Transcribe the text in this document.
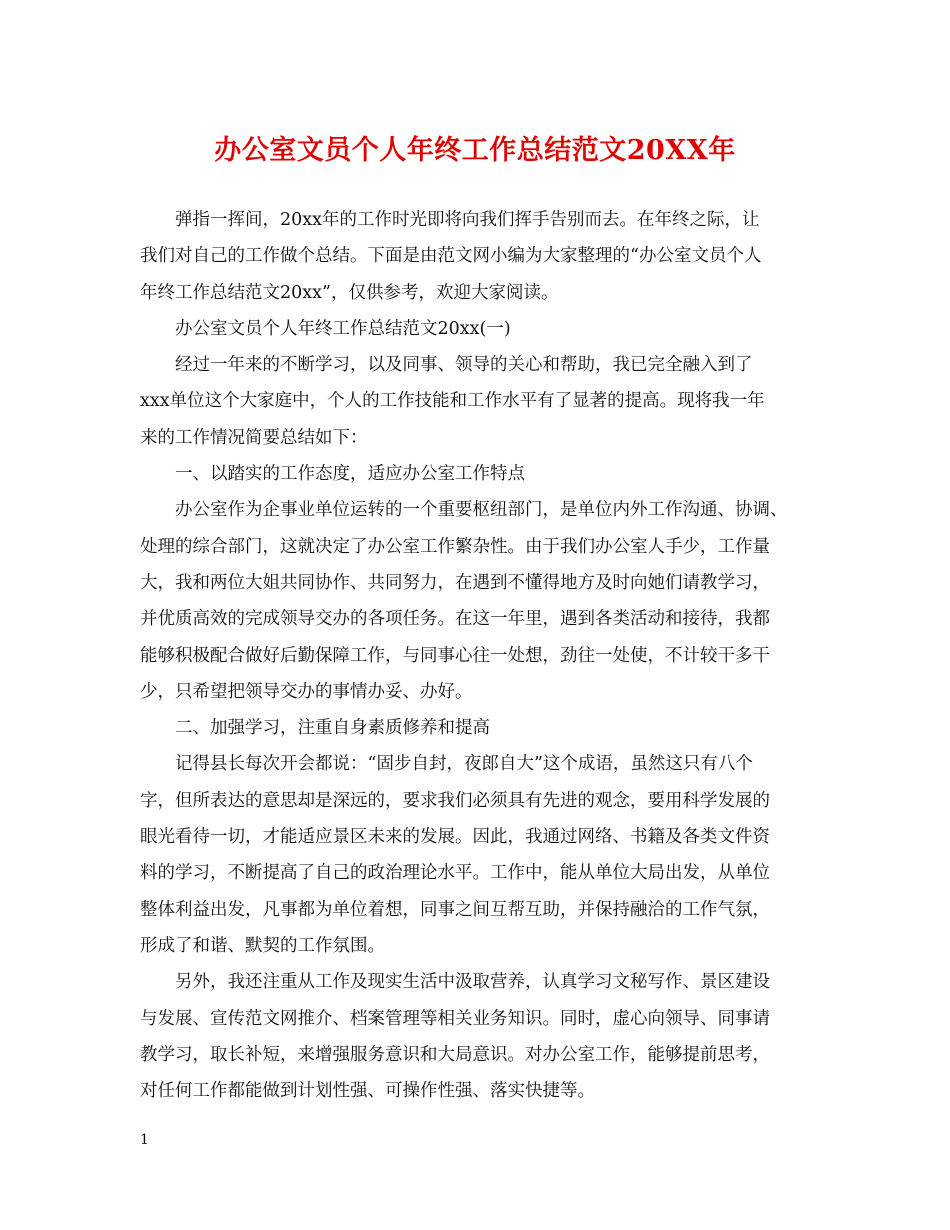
办公室文员个人年终工作总结范文20XX年
弹指一挥间，20xx年的工作时光即将向我们挥手告别而去。在年终之际，让
我们对自己的工作做个总结。下面是由范文网小编为大家整理的“办公室文员个人
年终工作总结范文20xx”，仅供参考，欢迎大家阅读。
办公室文员个人年终工作总结范文20xx(一)
经过一年来的不断学习，以及同事、领导的关心和帮助，我已完全融入到了
xxx单位这个大家庭中，个人的工作技能和工作水平有了显著的提高。现将我一年
来的工作情况简要总结如下：
一、以踏实的工作态度，适应办公室工作特点
办公室作为企事业单位运转的一个重要枢纽部门，是单位内外工作沟通、协调、
处理的综合部门，这就决定了办公室工作繁杂性。由于我们办公室人手少，工作量
大，我和两位大姐共同协作、共同努力，在遇到不懂得地方及时向她们请教学习，
并优质高效的完成领导交办的各项任务。在这一年里，遇到各类活动和接待，我都
能够积极配合做好后勤保障工作，与同事心往一处想，劲往一处使，不计较干多干
少，只希望把领导交办的事情办妥、办好。
二、加强学习，注重自身素质修养和提高
记得县长每次开会都说：“固步自封，夜郎自大”这个成语，虽然这只有八个
字，但所表达的意思却是深远的，要求我们必须具有先进的观念，要用科学发展的
眼光看待一切，才能适应景区未来的发展。因此，我通过网络、书籍及各类文件资
料的学习，不断提高了自己的政治理论水平。工作中，能从单位大局出发，从单位
整体利益出发，凡事都为单位着想，同事之间互帮互助，并保持融洽的工作气氛，
形成了和谐、默契的工作氛围。
另外，我还注重从工作及现实生活中汲取营养，认真学习文秘写作、景区建设
与发展、宣传范文网推介、档案管理等相关业务知识。同时，虚心向领导、同事请
教学习，取长补短，来增强服务意识和大局意识。对办公室工作，能够提前思考，
对任何工作都能做到计划性强、可操作性强、落实快捷等。
1
